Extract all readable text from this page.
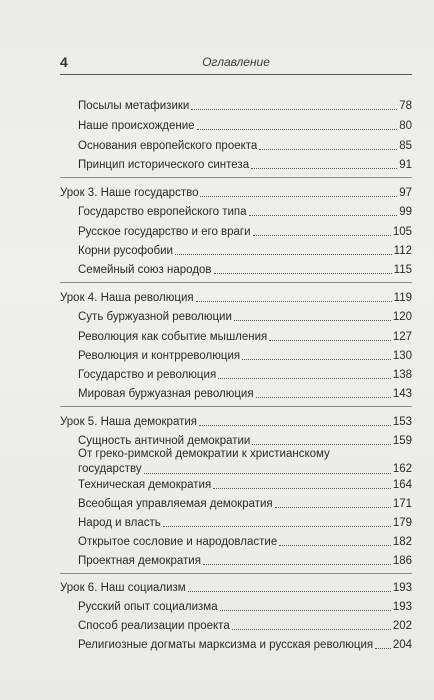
4	Оглавление
Посылы метафизики	78
Наше происхождение	80
Основания европейского проекта	85
Принцип исторического синтеза	91
Урок 3. Наше государство	97
Государство европейского типа	99
Русское государство и его враги	105
Корни русофобии	112
Семейный союз народов	115
Урок 4. Наша революция	119
Суть буржуазной революции	120
Революция как событие мышления	127
Революция и контрреволюция	130
Государство и революция	138
Мировая буржуазная революция	143
Урок 5. Наша демократия	153
Сущность античной демократии	159
От греко-римской демократии к христианскому
государству	162
Техническая демократия	164
Всеобщая управляемая демократия	171
Народ и власть	179
Открытое сословие и народовластие	182
Проектная демократия	186
Урок 6. Наш социализм	193
Русский опыт социализма	193
Способ реализации проекта	202
Религиозные догматы марксизма и русская революция 204
